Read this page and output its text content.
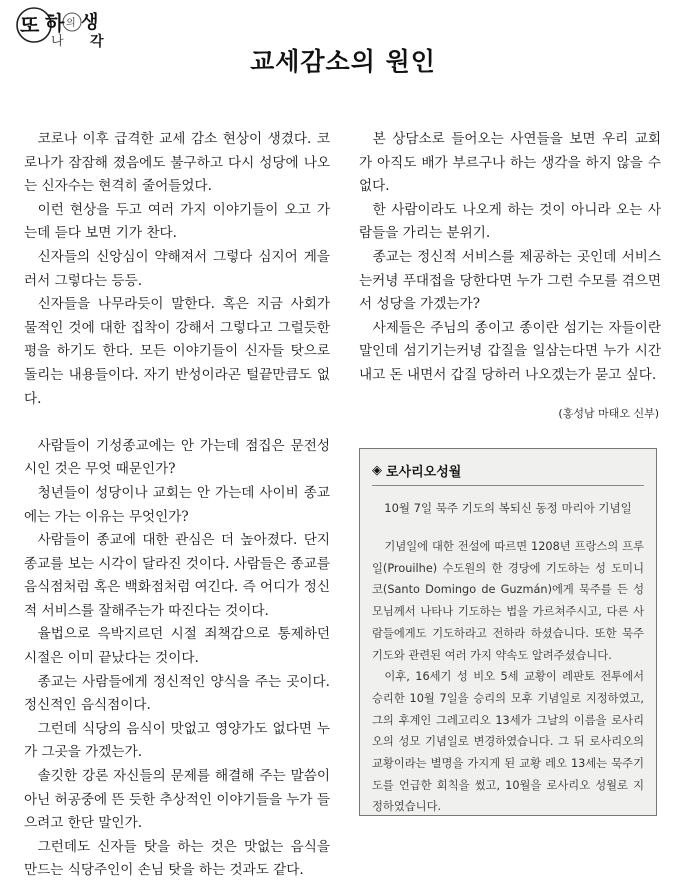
또 하
나
의 생
각
교세감소의 원인

코로나 이후 급격한 교세 감소 현상이 생겼다. 코로나가 잠잠해 졌음에도 불구하고 다시 성당에 나오는 신자수는 현격히 줄어들었다.

이런 현상을 두고 여러 가지 이야기들이 오고 가는데 듣다 보면 기가 찬다.

신자들의 신앙심이 약해져서 그렇다 심지어 게을러서 그렇다는 등등.

신자들을 나무라듯이 말한다. 혹은 지금 사회가 물적인 것에 대한 집착이 강해서 그렇다고 그럴듯한 평을 하기도 한다. 모든 이야기들이 신자들 탓으로 돌리는 내용들이다. 자기 반성이라곤 털끝만큼도 없다.

사람들이 기성종교에는 안 가는데 점집은 문전성시인 것은 무엇 때문인가?

청년들이 성당이나 교회는 안 가는데 사이비 종교에는 가는 이유는 무엇인가?

사람들이 종교에 대한 관심은 더 높아졌다. 단지 종교를 보는 시각이 달라진 것이다. 사람들은 종교를 음식점처럼 혹은 백화점처럼 여긴다. 즉 어디가 정신적 서비스를 잘해주는가 따진다는 것이다.

율법으로 윽박지르던 시절 죄책감으로 통제하던 시절은 이미 끝났다는 것이다.

종교는 사람들에게 정신적인 양식을 주는 곳이다. 정신적인 음식점이다.

그런데 식당의 음식이 맛없고 영양가도 없다면 누가 그곳을 가겠는가.

솔깃한 강론 자신들의 문제를 해결해 주는 말씀이 아닌 허공중에 뜬 듯한 추상적인 이야기들을 누가 들으려고 한단 말인가.

그런데도 신자들 탓을 하는 것은 맛없는 음식을 만드는 식당주인이 손님 탓을 하는 것과도 같다.

본 상담소로 들어오는 사연들을 보면 우리 교회가 아직도 배가 부르구나 하는 생각을 하지 않을 수 없다.

한 사람이라도 나오게 하는 것이 아니라 오는 사람들을 가리는 분위기.

종교는 정신적 서비스를 제공하는 곳인데 서비스는커녕 푸대접을 당한다면 누가 그런 수모를 겪으면서 성당을 가겠는가?

사제들은 주님의 종이고 종이란 섬기는 자들이란 말인데 섬기기는커녕 갑질을 일삼는다면 누가 시간 내고 돈 내면서 갑질 당하러 나오겠는가 묻고 싶다.

(홍성남 마태오 신부)
◈ 로사리오성월
10월 7일 묵주 기도의 복되신 동정 마리아 기념일

기념일에 대한 전설에 따르면 1208년 프랑스의 프루일(Prouilhe) 수도원의 한 경당에 기도하는 성 도미니코(Santo Domingo de Guzmán)에게 묵주를 든 성모님께서 나타나 기도하는 법을 가르쳐주시고, 다른 사람들에게도 기도하라고 전하라 하셨습니다. 또한 묵주기도와 관련된 여러 가지 약속도 알려주셨습니다.

이후, 16세기 성 비오 5세 교황이 레판토 전투에서 승리한 10월 7일을 승리의 모후 기념일로 지정하였고, 그의 후계인 그레고리오 13세가 그날의 이름을 로사리오의 성모 기념일로 변경하였습니다. 그 뒤 로사리오의 교황이라는 별명을 가지게 된 교황 레오 13세는 묵주기도를 언급한 회칙을 썼고, 10월을 로사리오 성월로 지정하였습니다.
